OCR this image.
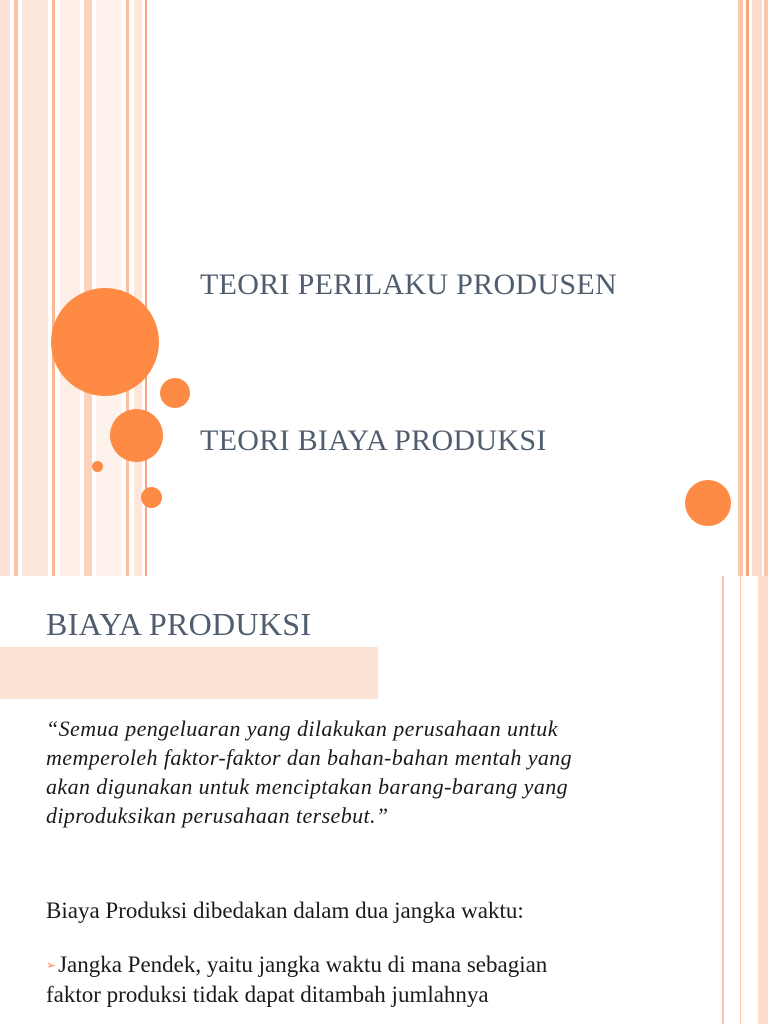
TEORI PERILAKU PRODUSEN
TEORI BIAYA PRODUKSI
BIAYA PRODUKSI
“Semua pengeluaran yang dilakukan perusahaan untuk
memperoleh faktor-faktor dan bahan-bahan mentah yang
akan digunakan untuk menciptakan barang-barang yang
diproduksikan perusahaan tersebut.”
Biaya Produksi dibedakan dalam dua jangka waktu:
➢Jangka Pendek, yaitu jangka waktu di mana sebagian
faktor produksi tidak dapat ditambah jumlahnya
